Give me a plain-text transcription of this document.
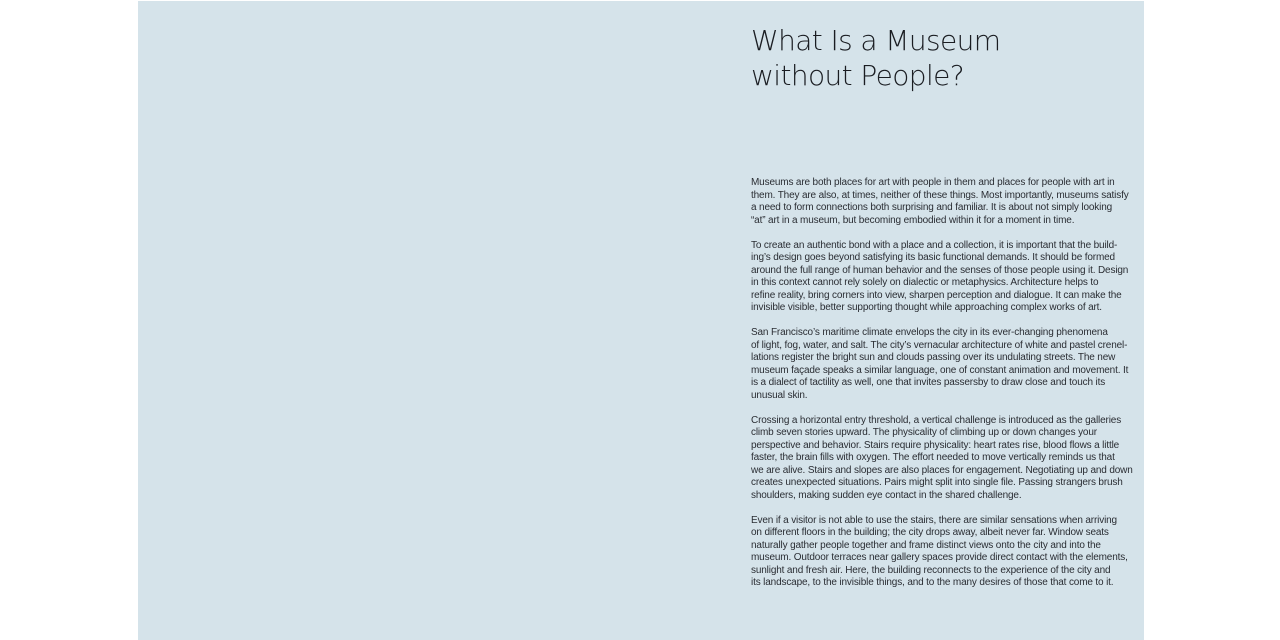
What Is a Museum
without People?

Museums are both places for art with people in them and places for people with art in
them. They are also, at times, neither of these things. Most importantly, museums satisfy
a need to form connections both surprising and familiar. It is about not simply looking
“at” art in a museum, but becoming embodied within it for a moment in time.

To create an authentic bond with a place and a collection, it is important that the build-
ing’s design goes beyond satisfying its basic functional demands. It should be formed
around the full range of human behavior and the senses of those people using it. Design
in this context cannot rely solely on dialectic or metaphysics. Architecture helps to
refine reality, bring corners into view, sharpen perception and dialogue. It can make the
invisible visible, better supporting thought while approaching complex works of art.

San Francisco’s maritime climate envelops the city in its ever-changing phenomena
of light, fog, water, and salt. The city’s vernacular architecture of white and pastel crenel-
lations register the bright sun and clouds passing over its undulating streets. The new
museum façade speaks a similar language, one of constant animation and movement. It
is a dialect of tactility as well, one that invites passersby to draw close and touch its
unusual skin.

Crossing a horizontal entry threshold, a vertical challenge is introduced as the galleries
climb seven stories upward. The physicality of climbing up or down changes your
perspective and behavior. Stairs require physicality: heart rates rise, blood flows a little
faster, the brain fills with oxygen. The effort needed to move vertically reminds us that
we are alive. Stairs and slopes are also places for engagement. Negotiating up and down
creates unexpected situations. Pairs might split into single file. Passing strangers brush
shoulders, making sudden eye contact in the shared challenge.

Even if a visitor is not able to use the stairs, there are similar sensations when arriving
on different floors in the building; the city drops away, albeit never far. Window seats
naturally gather people together and frame distinct views onto the city and into the
museum. Outdoor terraces near gallery spaces provide direct contact with the elements,
sunlight and fresh air. Here, the building reconnects to the experience of the city and
its landscape, to the invisible things, and to the many desires of those that come to it.
